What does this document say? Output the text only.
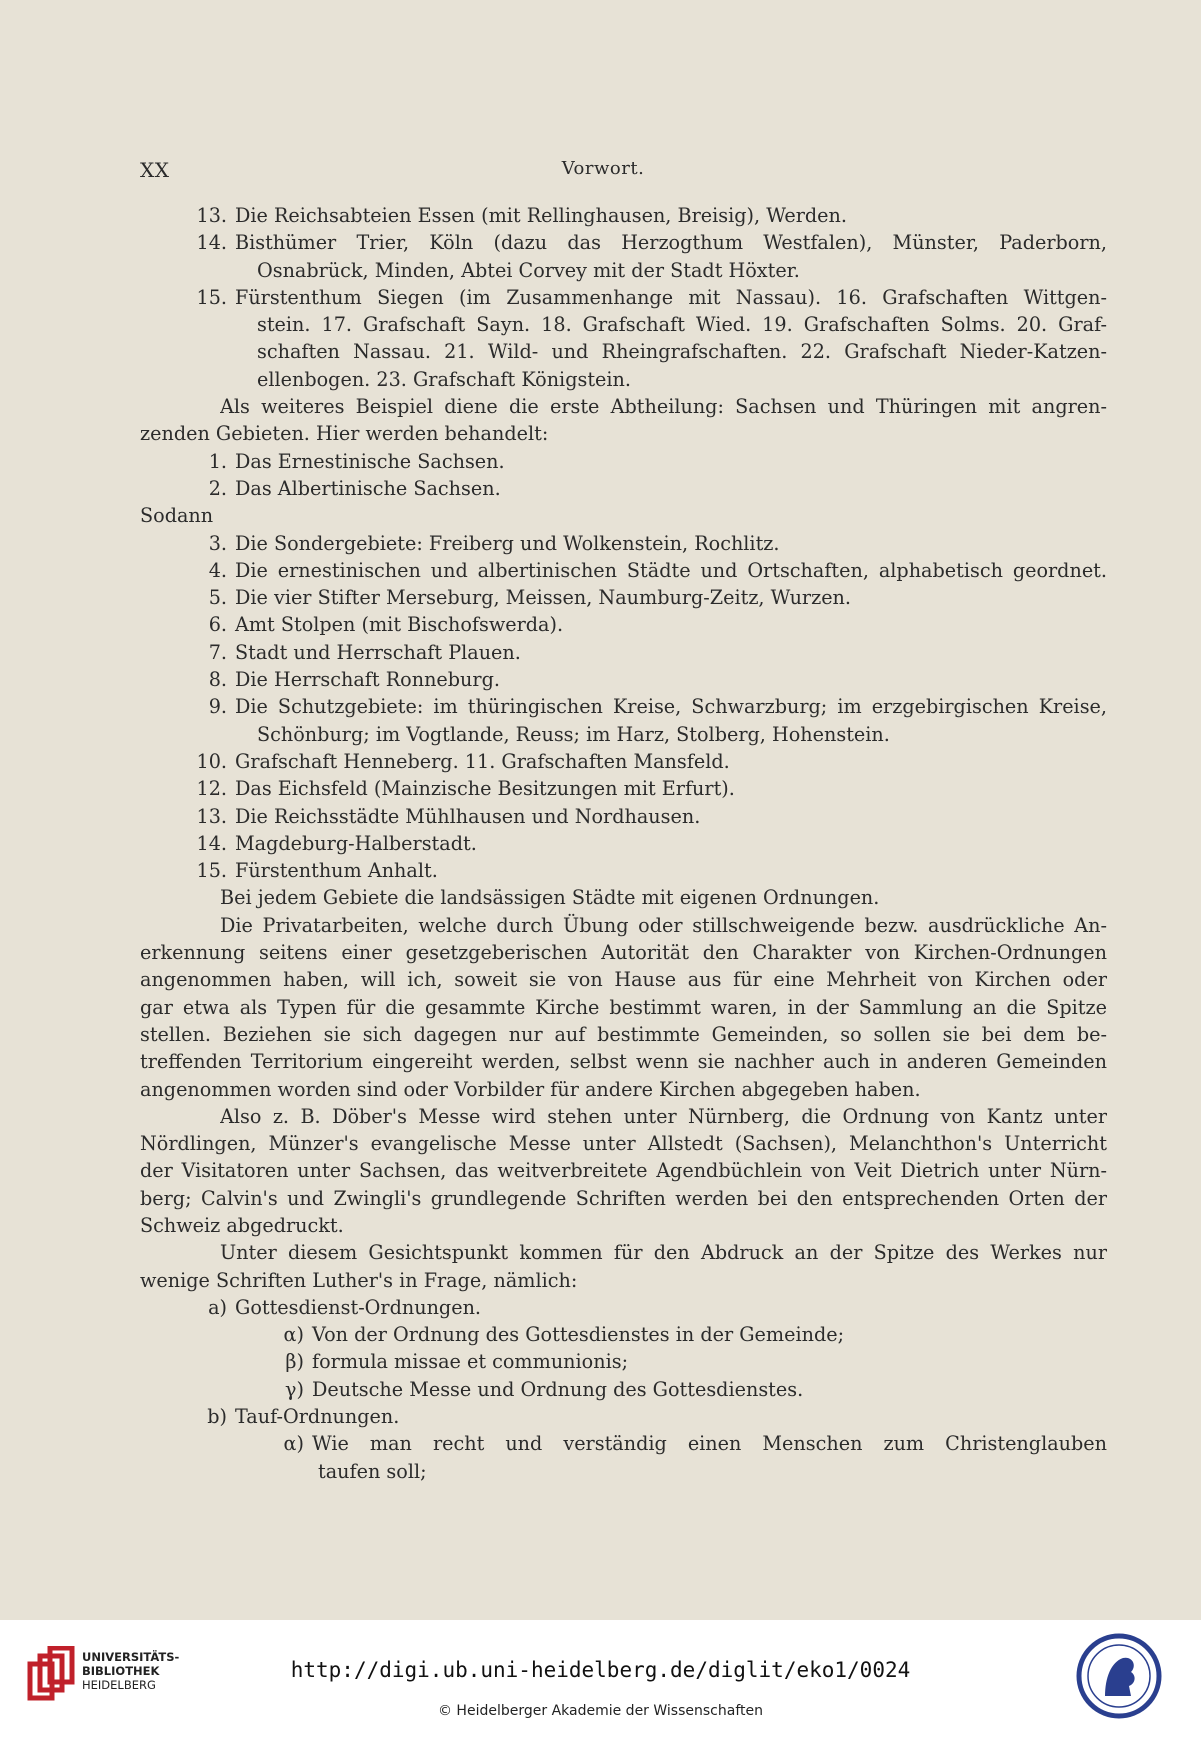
XX	Vorwort.
13. Die Reichsabteien Essen (mit Rellinghausen, Breisig), Werden.
14. Bisthümer Trier, Köln (dazu das Herzogthum Westfalen), Münster, Paderborn,
Osnabrück, Minden, Abtei Corvey mit der Stadt Höxter.
15. Fürstenthum Siegen (im Zusammenhange mit Nassau). 16. Grafschaften Wittgen-
stein. 17. Grafschaft Sayn. 18. Grafschaft Wied. 19. Grafschaften Solms. 20. Graf-
schaften Nassau. 21. Wild- und Rheingrafschaften. 22. Grafschaft Nieder-Katzen-
ellenbogen. 23. Grafschaft Königstein.
Als weiteres Beispiel diene die erste Abtheilung: Sachsen und Thüringen mit angren-
zenden Gebieten. Hier werden behandelt:
1. Das Ernestinische Sachsen.
2. Das Albertinische Sachsen.
Sodann
3. Die Sondergebiete: Freiberg und Wolkenstein, Rochlitz.
4. Die ernestinischen und albertinischen Städte und Ortschaften, alphabetisch geordnet.
5. Die vier Stifter Merseburg, Meissen, Naumburg-Zeitz, Wurzen.
6. Amt Stolpen (mit Bischofswerda).
7. Stadt und Herrschaft Plauen.
8. Die Herrschaft Ronneburg.
9. Die Schutzgebiete: im thüringischen Kreise, Schwarzburg; im erzgebirgischen Kreise,
Schönburg; im Vogtlande, Reuss; im Harz, Stolberg, Hohenstein.
10. Grafschaft Henneberg. 11. Grafschaften Mansfeld.
12. Das Eichsfeld (Mainzische Besitzungen mit Erfurt).
13. Die Reichsstädte Mühlhausen und Nordhausen.
14. Magdeburg-Halberstadt.
15. Fürstenthum Anhalt.
Bei jedem Gebiete die landsässigen Städte mit eigenen Ordnungen.
Die Privatarbeiten, welche durch Übung oder stillschweigende bezw. ausdrückliche An-
erkennung seitens einer gesetzgeberischen Autorität den Charakter von Kirchen-Ordnungen
angenommen haben, will ich, soweit sie von Hause aus für eine Mehrheit von Kirchen oder
gar etwa als Typen für die gesammte Kirche bestimmt waren, in der Sammlung an die Spitze
stellen. Beziehen sie sich dagegen nur auf bestimmte Gemeinden, so sollen sie bei dem be-
treffenden Territorium eingereiht werden, selbst wenn sie nachher auch in anderen Gemeinden
angenommen worden sind oder Vorbilder für andere Kirchen abgegeben haben.
Also z. B. Döber's Messe wird stehen unter Nürnberg, die Ordnung von Kantz unter
Nördlingen, Münzer's evangelische Messe unter Allstedt (Sachsen), Melanchthon's Unterricht
der Visitatoren unter Sachsen, das weitverbreitete Agendbüchlein von Veit Dietrich unter Nürn-
berg; Calvin's und Zwingli's grundlegende Schriften werden bei den entsprechenden Orten der
Schweiz abgedruckt.
Unter diesem Gesichtspunkt kommen für den Abdruck an der Spitze des Werkes nur
wenige Schriften Luther's in Frage, nämlich:
a) Gottesdienst-Ordnungen.
α) Von der Ordnung des Gottesdienstes in der Gemeinde;
β) formula missae et communionis;
γ) Deutsche Messe und Ordnung des Gottesdienstes.
b) Tauf-Ordnungen.
α) Wie man recht und verständig einen Menschen zum Christenglauben
taufen soll;
UNIVERSITÄTS-
BIBLIOTHEK
HEIDELBERG
http://digi.ub.uni-heidelberg.de/diglit/eko1/0024
© Heidelberger Akademie der Wissenschaften
